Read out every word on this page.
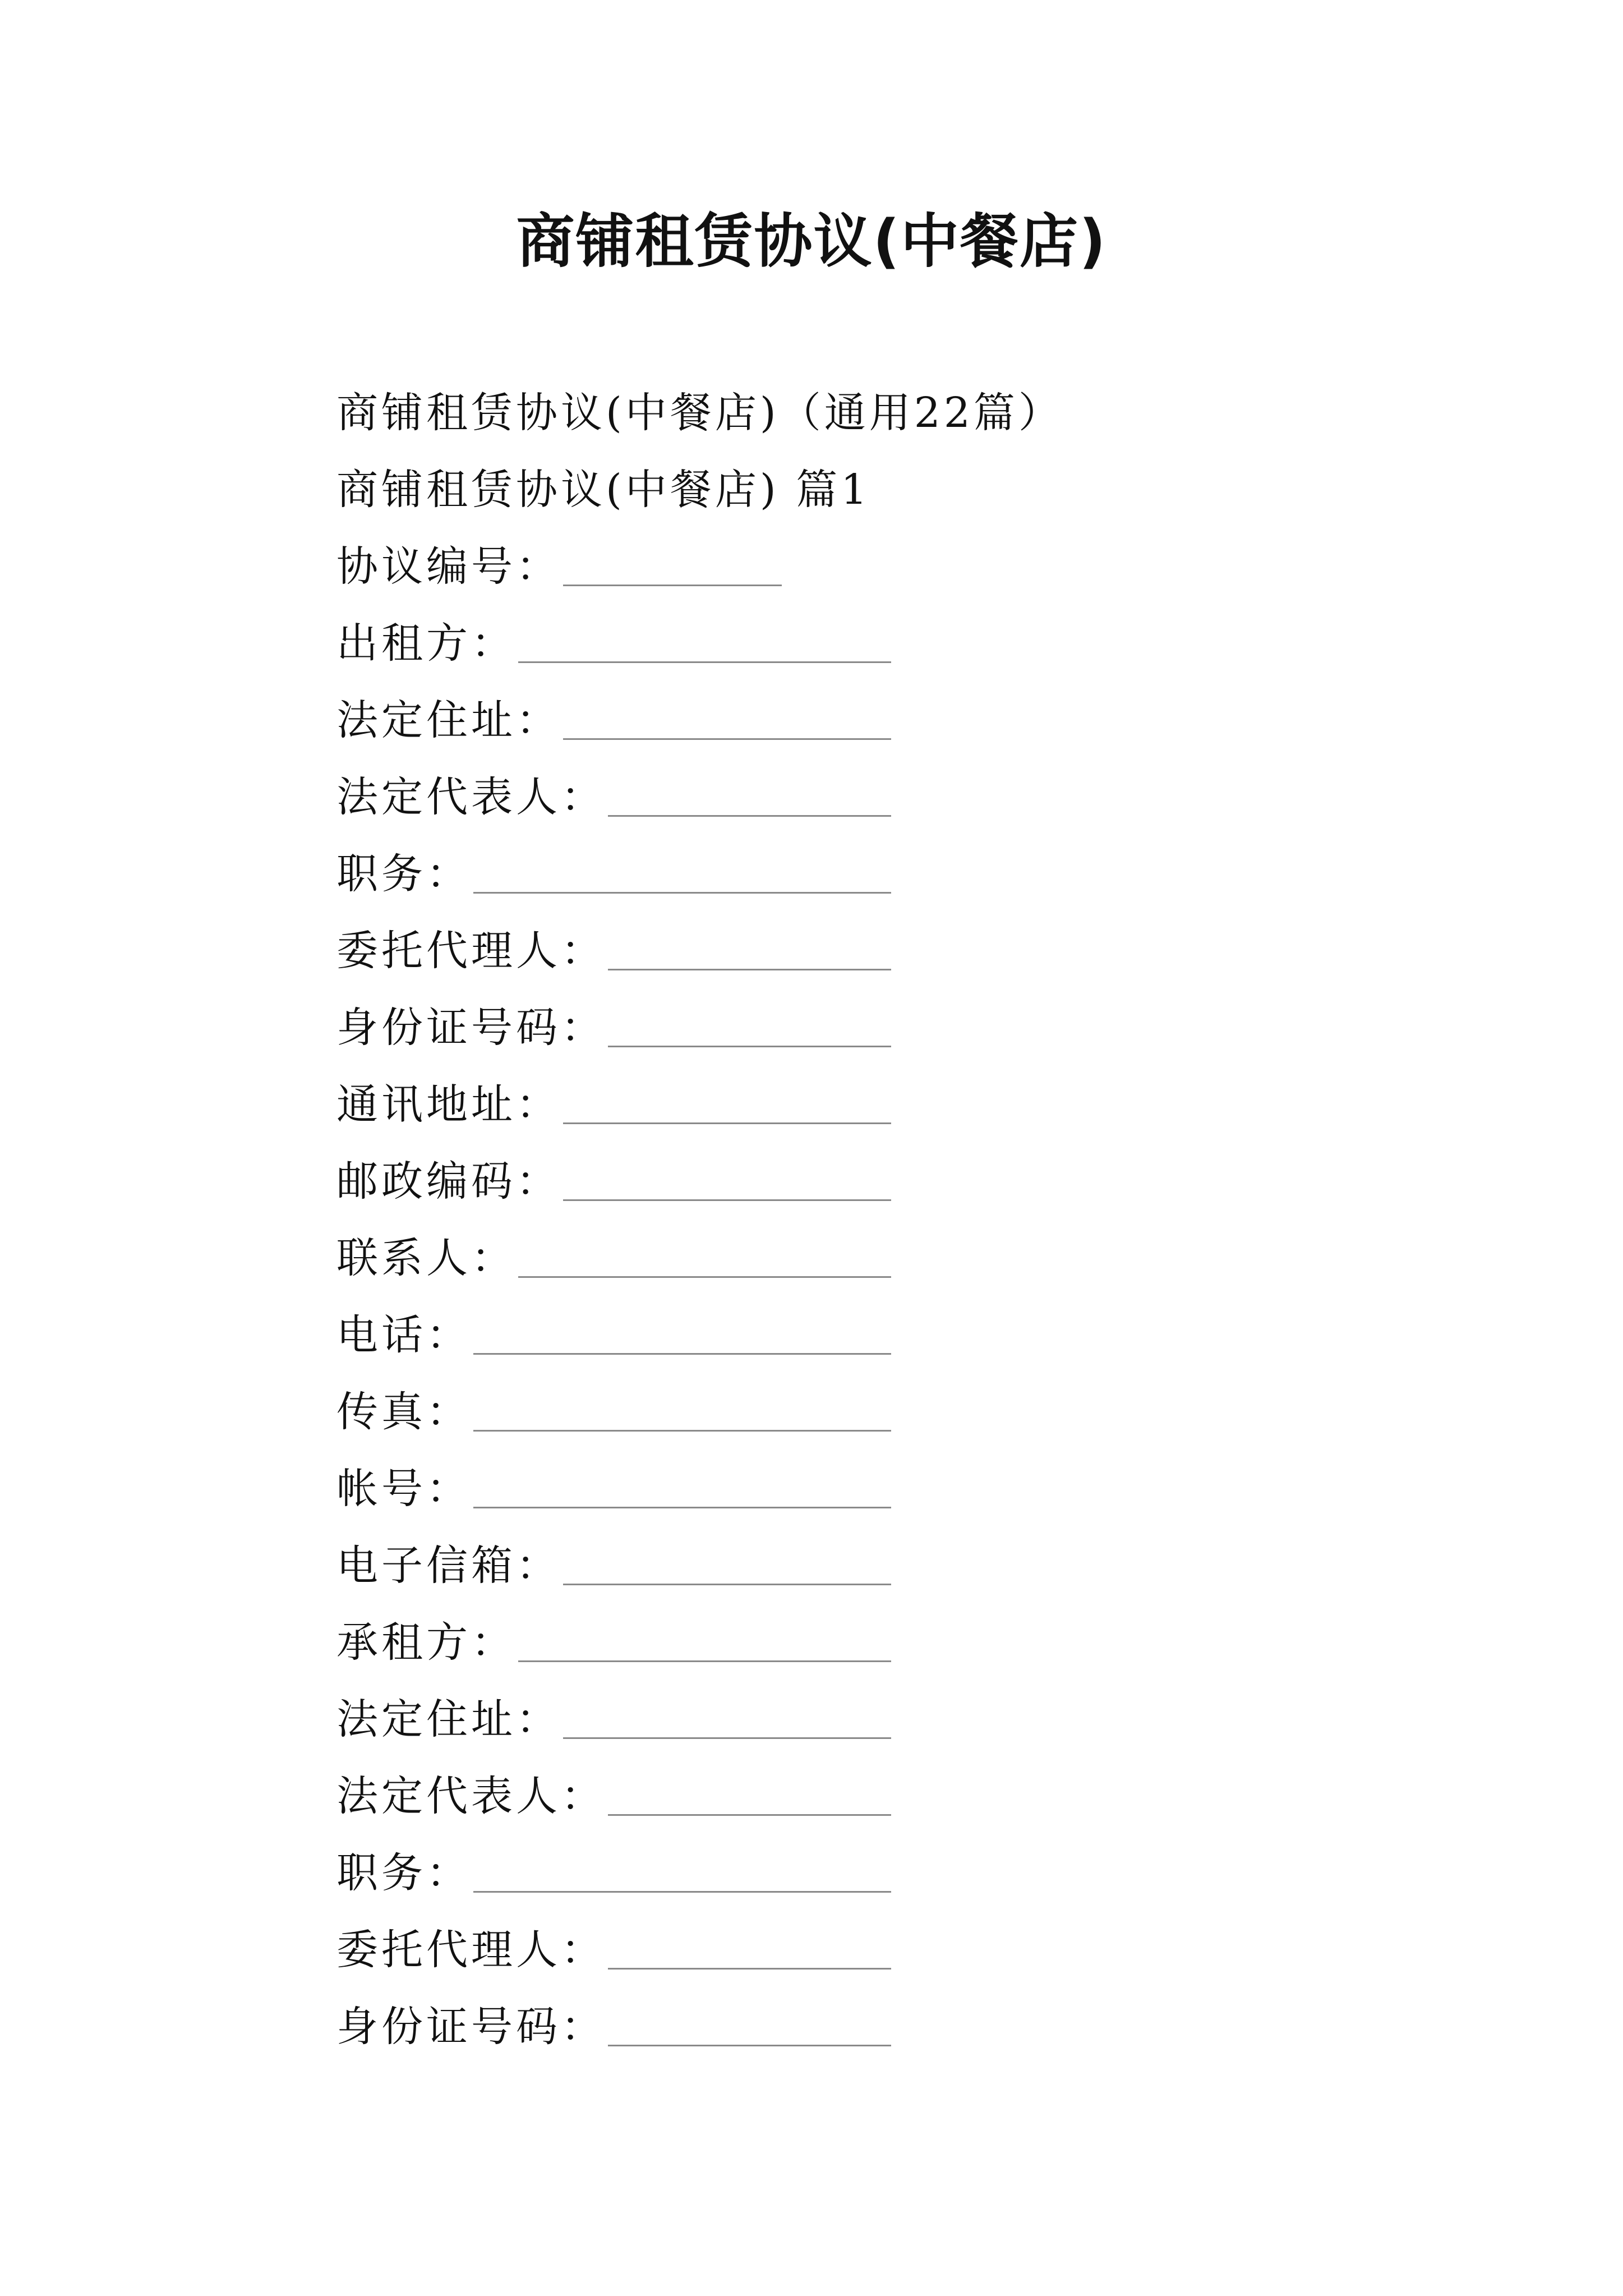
商铺租赁协议(中餐店)
商铺租赁协议(中餐店)（通用22篇）
商铺租赁协议(中餐店) 篇1
协议编号：
出租方：
法定住址：
法定代表人：
职务：
委托代理人：
身份证号码：
通讯地址：
邮政编码：
联系人：
电话：
传真：
帐号：
电子信箱：
承租方：
法定住址：
法定代表人：
职务：
委托代理人：
身份证号码：
